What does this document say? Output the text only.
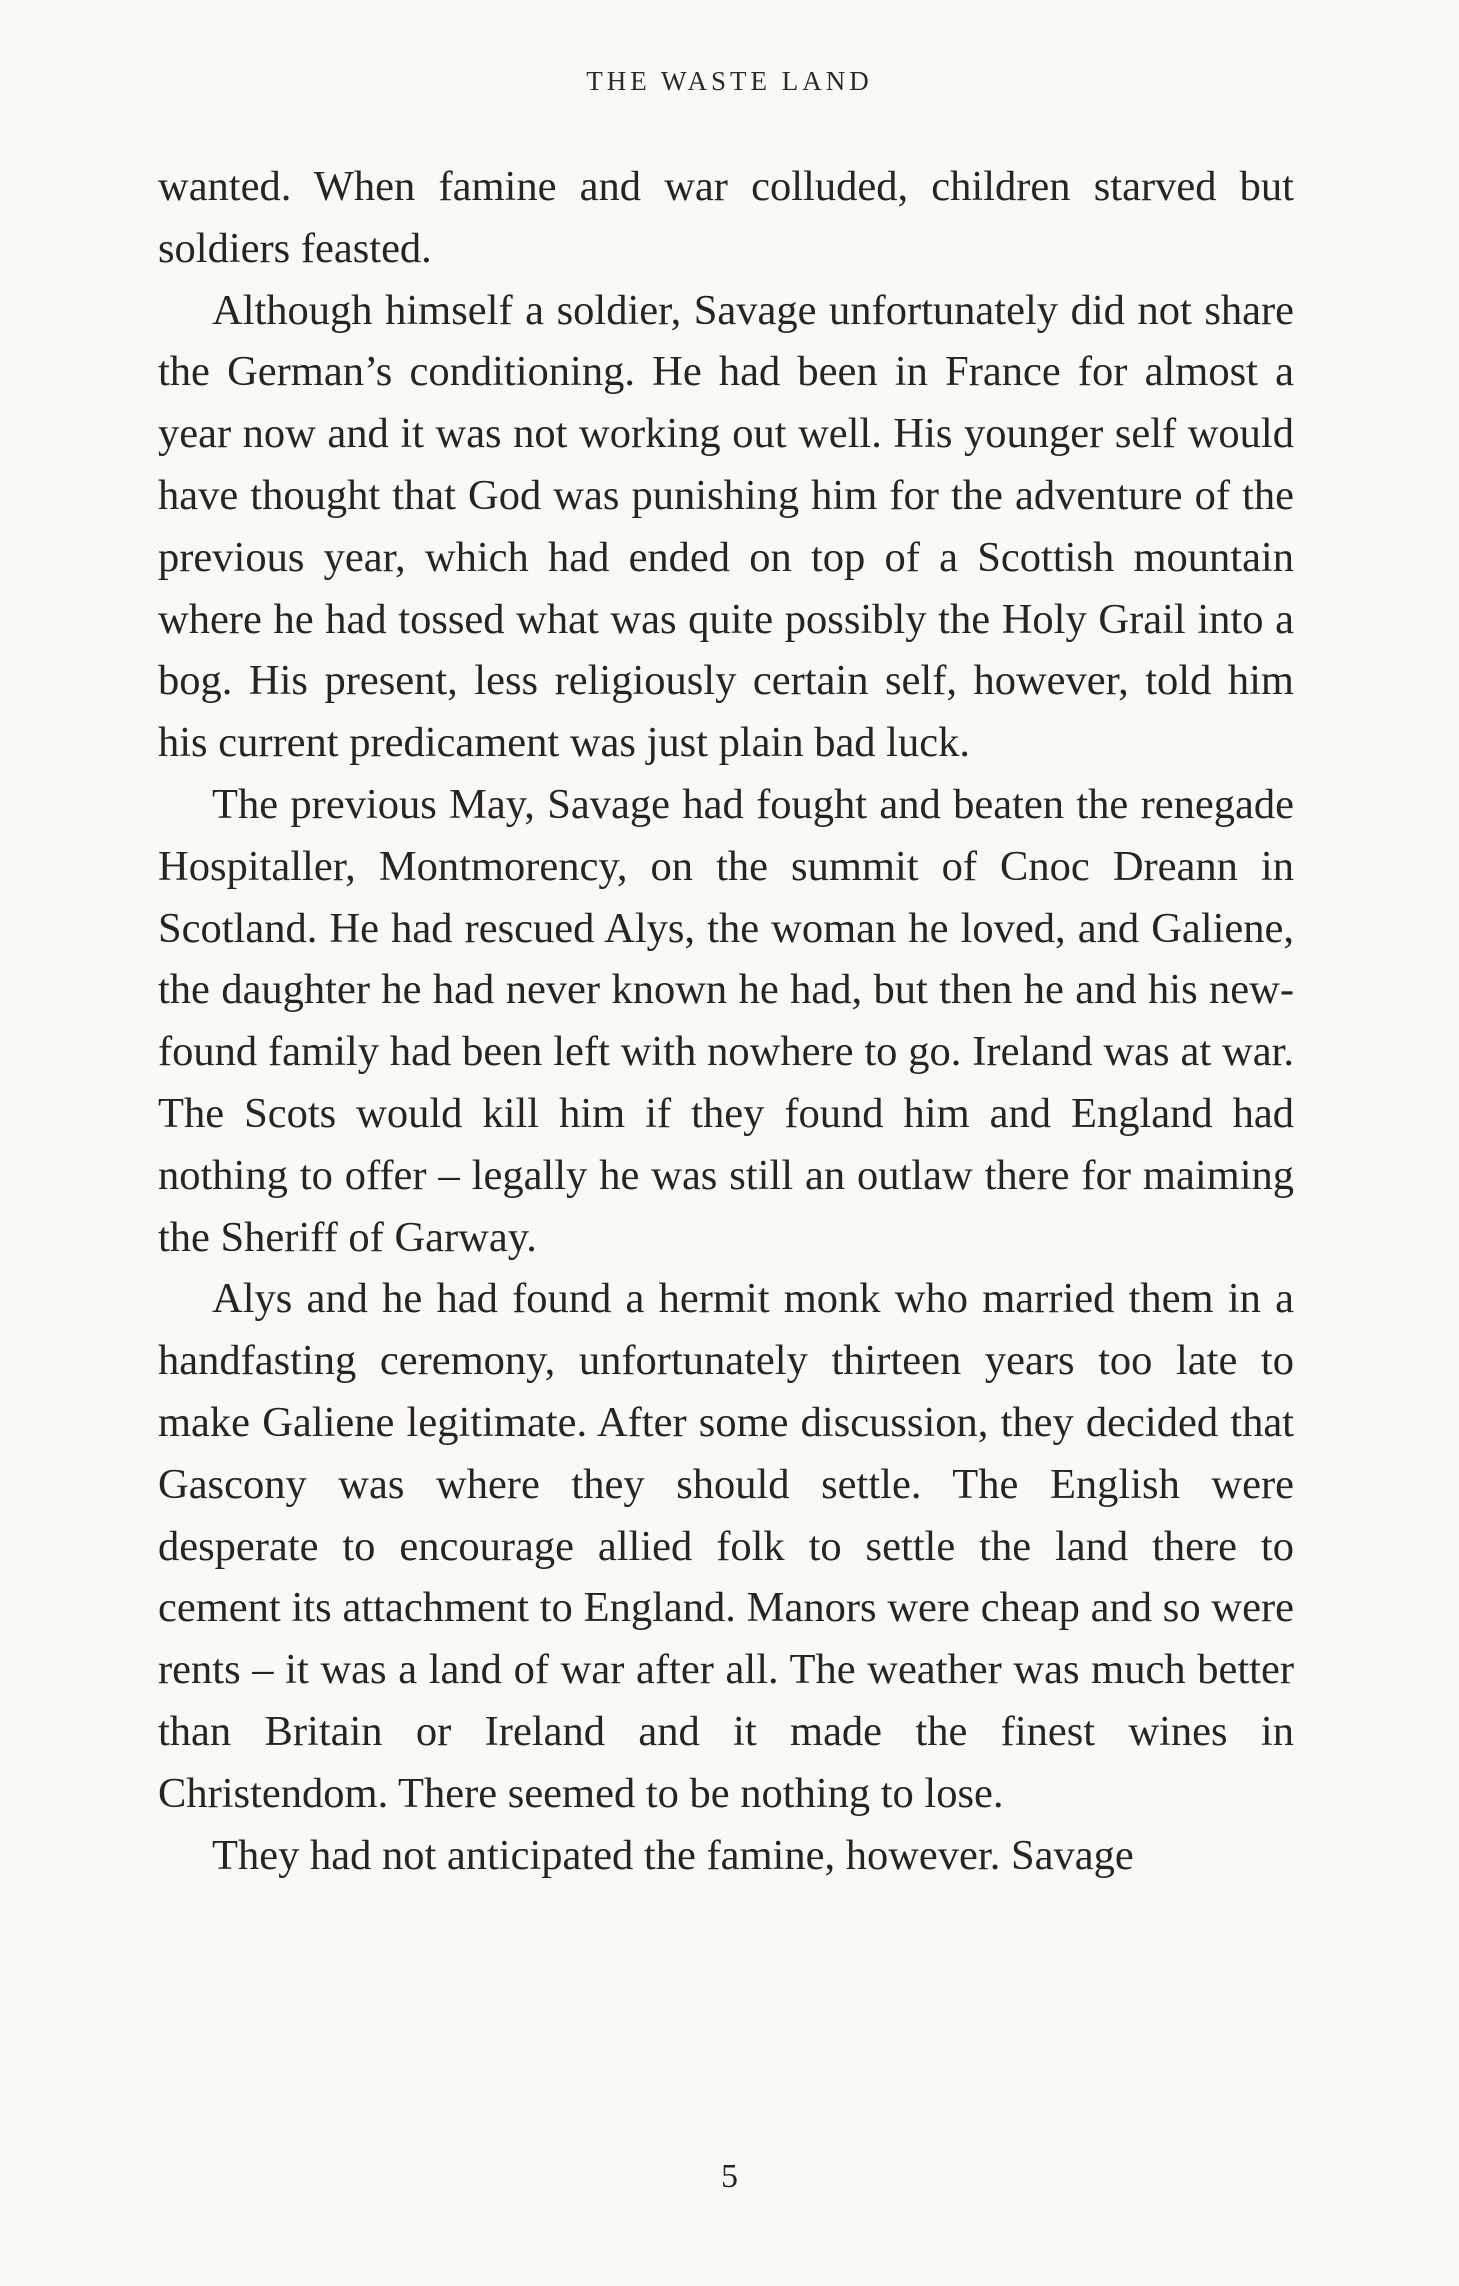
THE WASTE LAND

wanted. When famine and war colluded, children starved but soldiers feasted.

Although himself a soldier, Savage unfortunately did not share the German’s conditioning. He had been in France for almost a year now and it was not working out well. His younger self would have thought that God was punishing him for the adventure of the previous year, which had ended on top of a Scottish mountain where he had tossed what was quite possibly the Holy Grail into a bog. His present, less religiously certain self, however, told him his current predicament was just plain bad luck.

The previous May, Savage had fought and beaten the renegade Hospitaller, Montmorency, on the summit of Cnoc Dreann in Scotland. He had rescued Alys, the woman he loved, and Galiene, the daughter he had never known he had, but then he and his new-found family had been left with nowhere to go. Ireland was at war. The Scots would kill him if they found him and England had nothing to offer – legally he was still an outlaw there for maiming the Sheriff of Garway.

Alys and he had found a hermit monk who married them in a handfasting ceremony, unfortunately thirteen years too late to make Galiene legitimate. After some discussion, they decided that Gascony was where they should settle. The English were desperate to encourage allied folk to settle the land there to cement its attachment to England. Manors were cheap and so were rents – it was a land of war after all. The weather was much better than Britain or Ireland and it made the finest wines in Christendom. There seemed to be nothing to lose.

They had not anticipated the famine, however. Savage

5
